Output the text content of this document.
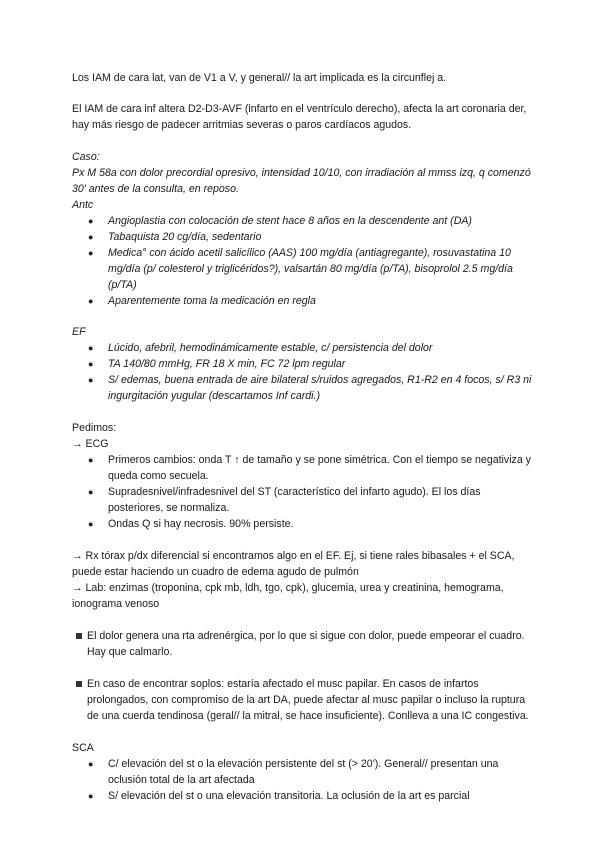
Los IAM de cara lat, van de V1 a V, y general// la art implicada es la circunflej a.

El IAM de cara inf altera D2-D3-AVF (infarto en el ventrículo derecho), afecta la art coronaria der, hay más riesgo de padecer arritmias severas o paros cardíacos agudos.

Caso:

Px M 58a con dolor precordial opresivo, intensidad 10/10, con irradiación al mmss izq, q comenzó 30' antes de la consulta, en reposo.

Antc

● Angioplastia con colocación de stent hace 8 años en la descendente ant (DA)
● Tabaquista 20 cg/día, sedentario
● Medica° con ácido acetil salicílico (AAS) 100 mg/día (antiagregante), rosuvastatina 10 mg/día (p/ colesterol y triglicéridos?), valsartán 80 mg/día (p/TA), bisoprolol 2.5 mg/día (p/TA)
● Aparentemente toma la medicación en regla

EF

● Lúcido, afebril, hemodinámicamente estable, c/ persistencia del dolor
● TA 140/80 mmHg, FR 18 X min, FC 72 lpm regular
● S/ edemas, buena entrada de aire bilateral s/ruidos agregados, R1-R2 en 4 focos, s/ R3 ni ingurgitación yugular (descartamos Inf cardi.)

Pedimos:

→ ECG

● Primeros cambios: onda T ↑ de tamaño y se pone simétrica. Con el tiempo se negativiza y queda como secuela.
● Supradesnivel/infradesnivel del ST (característico del infarto agudo). El los días posteriores, se normaliza.
● Ondas Q si hay necrosis. 90% persiste.

→ Rx tórax p/dx diferencial si encontramos algo en el EF. Ej, si tiene rales bibasales + el SCA, puede estar haciendo un cuadro de edema agudo de pulmón

→ Lab: enzimas (troponina, cpk mb, ldh, tgo, cpk), glucemia, urea y creatinina, hemograma, ionograma venoso

El dolor genera una rta adrenérgica, por lo que si sigue con dolor, puede empeorar el cuadro. Hay que calmarlo.

En caso de encontrar soplos: estaría afectado el musc papilar. En casos de infartos prolongados, con compromiso de la art DA, puede afectar al musc papilar o incluso la ruptura de una cuerda tendinosa (geral// la mitral, se hace insuficiente). Conlleva a una IC congestiva.

SCA

● C/ elevación del st o la elevación persistente del st (> 20'). General// presentan una oclusión total de la art afectada
● S/ elevación del st o una elevación transitoria. La oclusión de la art es parcial
